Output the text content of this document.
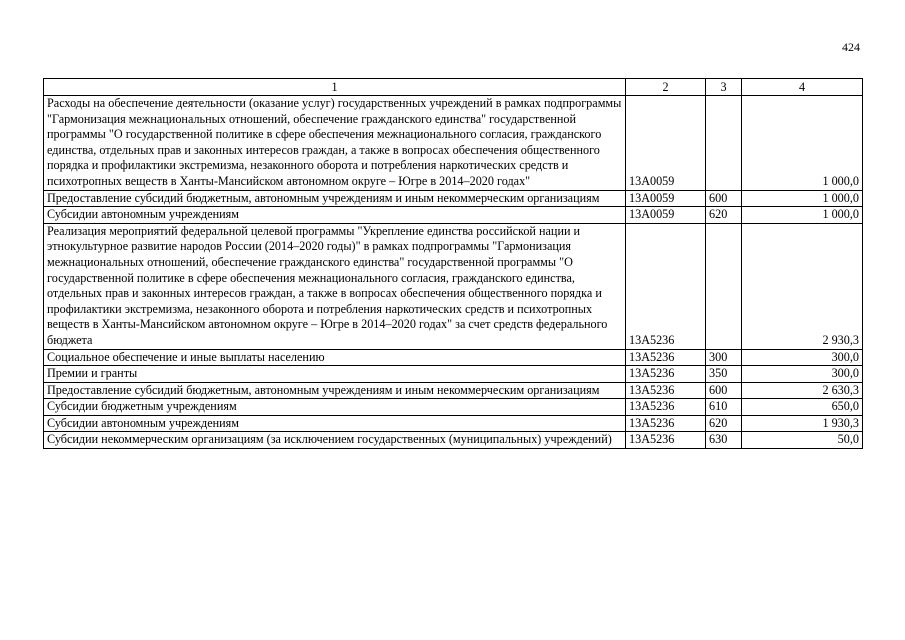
424
1	2	3	4
Расходы на обеспечение деятельности (оказание услуг) государственных учреждений в рамках подпрограммы "Гармонизация межнациональных отношений, обеспечение гражданского единства" государственной программы "О государственной политике в сфере обеспечения межнационального согласия, гражданского единства, отдельных прав и законных интересов граждан, а также в вопросах обеспечения общественного порядка и профилактики экстремизма, незаконного оборота и потребления наркотических средств и психотропных веществ в Ханты-Мансийском автономном округе – Югре в 2014–2020 годах"	13А0059		1 000,0
Предоставление субсидий бюджетным, автономным учреждениям и иным некоммерческим организациям	13А0059	600	1 000,0
Субсидии автономным учреждениям	13А0059	620	1 000,0
Реализация мероприятий федеральной целевой программы "Укрепление единства российской нации и этнокультурное развитие народов России (2014–2020 годы)" в рамках подпрограммы "Гармонизация межнациональных отношений, обеспечение гражданского единства" государственной программы "О государственной политике в сфере обеспечения межнационального согласия, гражданского единства, отдельных прав и законных интересов граждан, а также в вопросах обеспечения общественного порядка и профилактики экстремизма, незаконного оборота и потребления наркотических средств и психотропных веществ в Ханты-Мансийском автономном округе – Югре в 2014–2020 годах" за счет средств федерального бюджета	13А5236		2 930,3
Социальное обеспечение и иные выплаты населению	13А5236	300	300,0
Премии и гранты	13А5236	350	300,0
Предоставление субсидий бюджетным, автономным учреждениям и иным некоммерческим организациям	13А5236	600	2 630,3
Субсидии бюджетным учреждениям	13А5236	610	650,0
Субсидии автономным учреждениям	13А5236	620	1 930,3
Субсидии некоммерческим организациям (за исключением государственных (муниципальных) учреждений)	13А5236	630	50,0
